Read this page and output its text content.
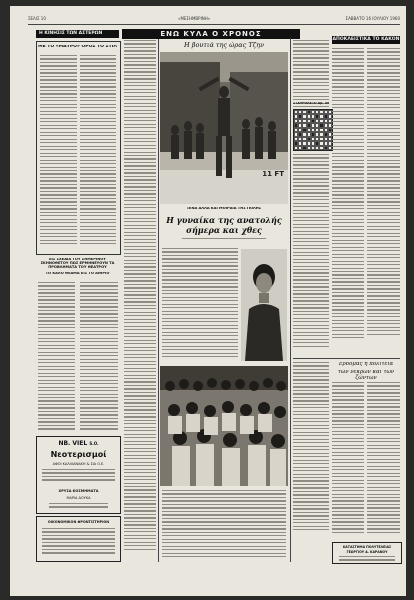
ΣΕΛΙΣ 10	«ΜΕΣΗΜΒΡΙΝΗ»	ΣΑΒΒΑΤΟ 16 ΙΟΥΛΙΟΥ 1960
Η ΚΙΝΗΣΙΣ ΤΩΝ ΑΣΤΕΡΩΝ
ΜΕ ΤΟ «ΜΑΥΡΟ» ΟΡΟΣ ΤΟ ΣΤΙΛ
ΕΙΣ ΣΧΕΔΙΑ ΤΟΥ ΣΗΜΕΡΙΝΟΥ ΣΚΗΝΟΘΕΤΟΥ ΠΩΣ ΕΡΜΗΝΕΥΟΥΝ ΤΑ ΠΡΟΒΛΗΜΑΤΑ ΤΟΥ ΘΕΑΤΡΟΥ
ΤΟ ΚΑΛΟ ΘΕΑΜΑ ΕΙΣ ΤΟ ΑΙΘΡΙΟ
NB. VIEL S.O.
Νεοτερισμοί
ΑΦΟΙ ΚΑΛΛΙΑΝΑΚΗ & ΣΙΑ Ο.Ε.
ΧΡΥΣΑ ΚΟΣΜΗΜΑΤΑ
ΜΑΡΙΑ ΔΟΥΚΑ
ΟΙΚΟΝΟΜΙΚΟΝ ΦΡΟΝΤΙΣΤΗΡΙΟΝ
ΕΝΩ ΚΥΛΑ Ο ΧΡΟΝΟΣ
Η βουτιά της ώρας Τζην
11 FT
ΞΕΝΑ ΑΛΛΑ ΚΑΙ ΜΟΙΡΑΙΑ ΤΗΣ ΠΟΛΗΣ
Η γυναίκα της ανατολής
σήμερα και χθες
ΣΤΑΥΡΟΛΕΞΟ Αρ. 49
ΑΠΟΚΛΕΙΣΤΙΚΑ ΤΟ ΚΑΚΟΝ
Εβδομάς ή πολιτεία
των νεκρών και των ζώντων
ΚΑΤΑΣΤΗΜΑ ΠΟΛΥΤΕΛΕΙΑΣ
ΓΕΩΡΓΙΟΥ Δ. ΚΑΡΑΝΟΥ
